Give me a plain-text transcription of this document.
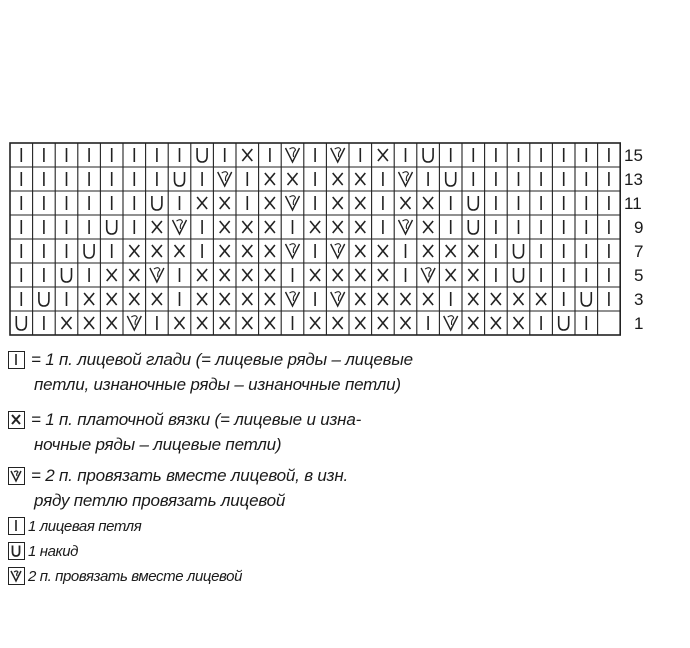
15
13
11
9
7
5
3
1
= 1 п. лицевой глади (= лицевые ряды – лицевые
петли, изнаночные ряды – изнаночные петли)
= 1 п. платочной вязки (= лицевые и изна-
ночные ряды – лицевые петли)
= 2 п. провязать вместе лицевой, в изн.
ряду петлю провязать лицевой
1 лицевая петля
1 накид
2 п. провязать вместе лицевой
